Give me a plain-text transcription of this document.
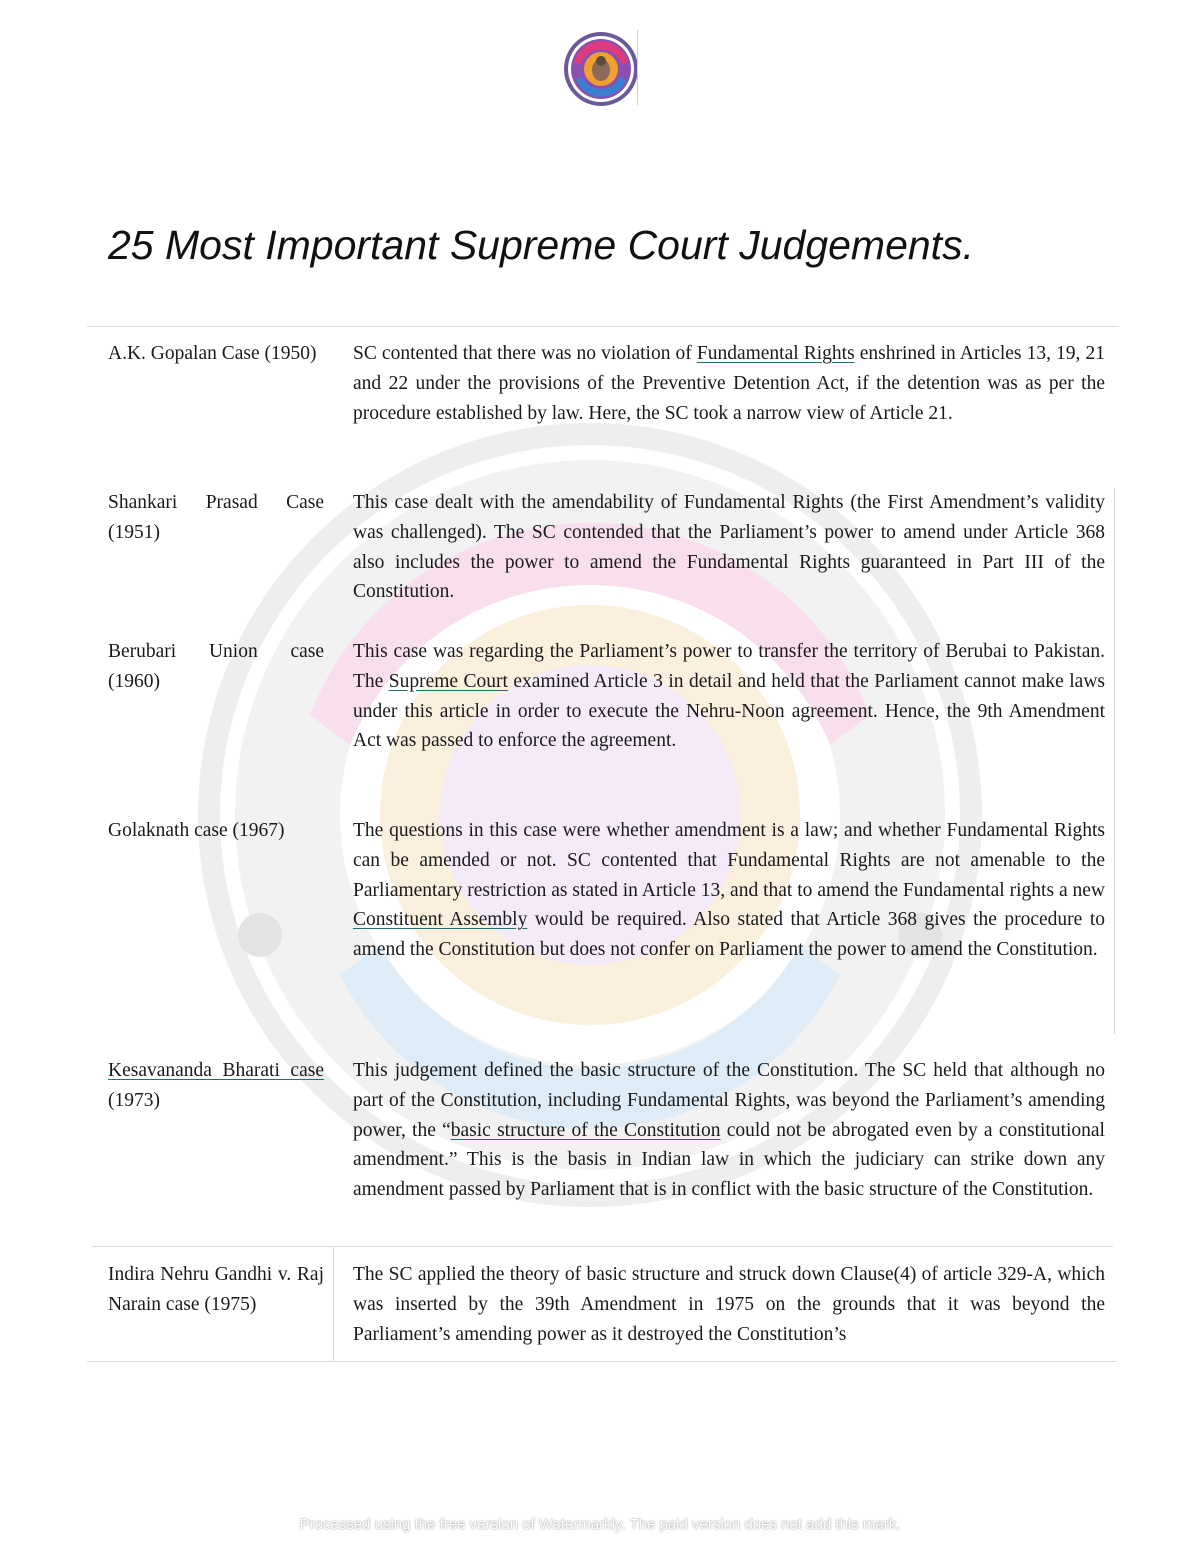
25 Most Important Supreme Court Judgements.
A.K. Gopalan Case (1950)	SC contented that there was no violation of Fundamental Rights enshrined in Articles 13, 19, 21 and 22 under the provisions of the Preventive Detention Act, if the detention was as per the procedure established by law. Here, the SC took a narrow view of Article 21.
Shankari Prasad Case (1951)
This case dealt with the amendability of Fundamental Rights (the First Amendment’s validity was challenged). The SC contended that the Parliament’s power to amend under Article 368 also includes the power to amend the Fundamental Rights guaranteed in Part III of the Constitution.
Berubari Union case (1960)
This case was regarding the Parliament’s power to transfer the territory of Berubai to Pakistan. The Supreme Court examined Article 3 in detail and held that the Parliament cannot make laws under this article in order to execute the Nehru-Noon agreement. Hence, the 9th Amendment Act was passed to enforce the agreement.
Golaknath case (1967)	The questions in this case were whether amendment is a law; and whether Fundamental Rights can be amended or not. SC contented that Fundamental Rights are not amenable to the Parliamentary restriction as stated in Article 13, and that to amend the Fundamental rights a new Constituent Assembly would be required. Also stated that Article 368 gives the procedure to amend the Constitution but does not confer on Parliament the power to amend the Constitution.
Kesavananda Bharati case (1973)
This judgement defined the basic structure of the Constitution. The SC held that although no part of the Constitution, including Fundamental Rights, was beyond the Parliament’s amending power, the “basic structure of the Constitution could not be abrogated even by a constitutional amendment.” This is the basis in Indian law in which the judiciary can strike down any amendment passed by Parliament that is in conflict with the basic structure of the Constitution.
Indira Nehru Gandhi v. Raj Narain case (1975)
The SC applied the theory of basic structure and struck down Clause(4) of article 329-A, which was inserted by the 39th Amendment in 1975 on the grounds that it was beyond the Parliament’s amending power as it destroyed the Constitution’s
Processed using the free version of Watermarkly. The paid version does not add this mark.
